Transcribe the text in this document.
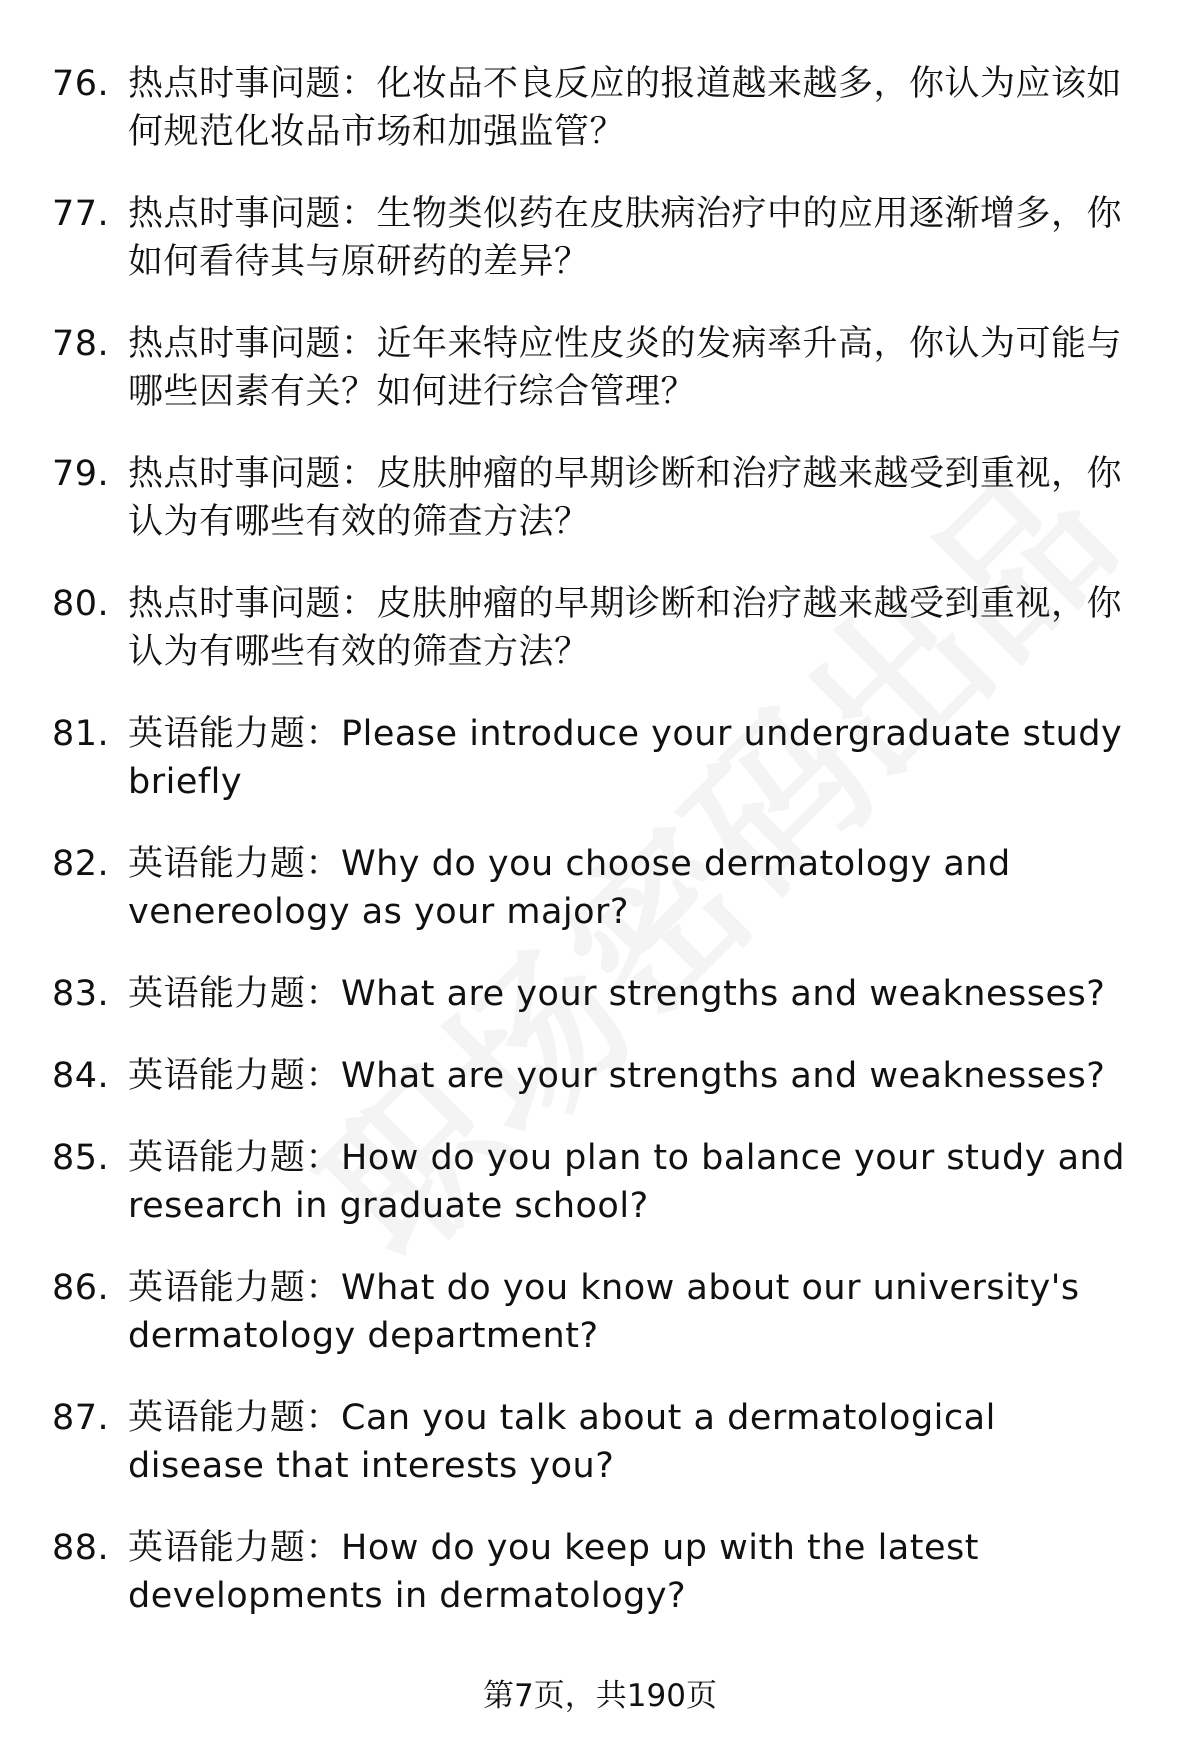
76. 热点时事问题：化妆品不良反应的报道越来越多，你认为应该如何规范化妆品市场和加强监管？
77. 热点时事问题：生物类似药在皮肤病治疗中的应用逐渐增多，你如何看待其与原研药的差异？
78. 热点时事问题：近年来特应性皮炎的发病率升高，你认为可能与哪些因素有关？如何进行综合管理？
79. 热点时事问题：皮肤肿瘤的早期诊断和治疗越来越受到重视，你认为有哪些有效的筛查方法？
80. 热点时事问题：皮肤肿瘤的早期诊断和治疗越来越受到重视，你认为有哪些有效的筛查方法？
81. 英语能力题：Please introduce your undergraduate study briefly
82. 英语能力题：Why do you choose dermatology and venereology as your major?
83. 英语能力题：What are your strengths and weaknesses?
84. 英语能力题：What are your strengths and weaknesses?
85. 英语能力题：How do you plan to balance your study and research in graduate school?
86. 英语能力题：What do you know about our university's dermatology department?
87. 英语能力题：Can you talk about a dermatological disease that interests you?
88. 英语能力题：How do you keep up with the latest developments in dermatology?
第7页，共190页
